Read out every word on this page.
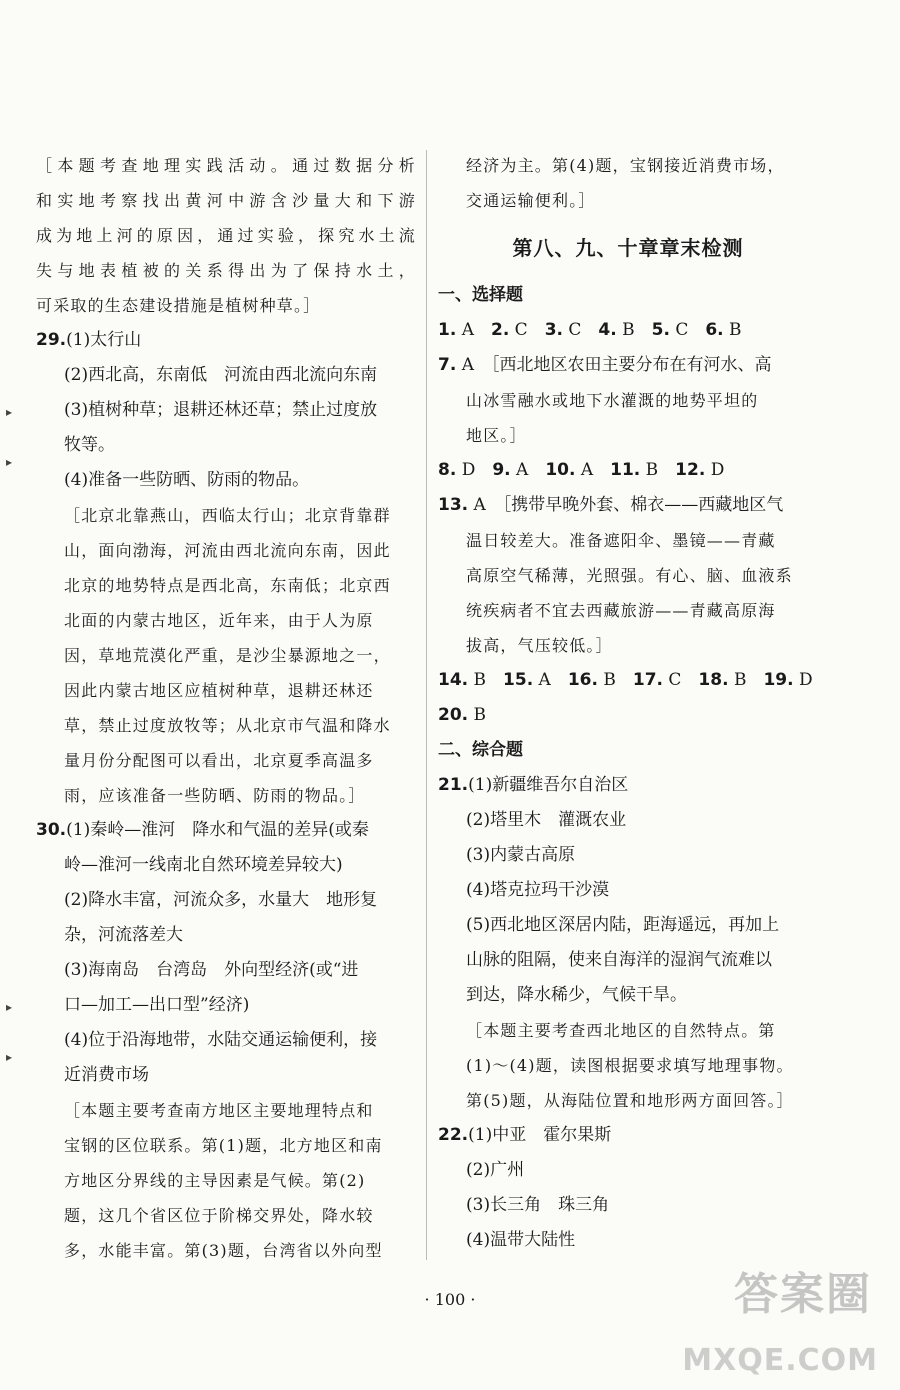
［本题考查地理实践活动。通过数据分析
和实地考察找出黄河中游含沙量大和下游
成为地上河的原因，通过实验，探究水土流
失与地表植被的关系得出为了保持水土，
可采取的生态建设措施是植树种草。］
29.(1)太行山
(2)西北高，东南低　河流由西北流向东南
(3)植树种草；退耕还林还草；禁止过度放
牧等。
(4)准备一些防晒、防雨的物品。
［北京北靠燕山，西临太行山；北京背靠群
山，面向渤海，河流由西北流向东南，因此
北京的地势特点是西北高，东南低；北京西
北面的内蒙古地区，近年来，由于人为原
因，草地荒漠化严重，是沙尘暴源地之一，
因此内蒙古地区应植树种草，退耕还林还
草，禁止过度放牧等；从北京市气温和降水
量月份分配图可以看出，北京夏季高温多
雨，应该准备一些防晒、防雨的物品。］
30.(1)秦岭—淮河　降水和气温的差异(或秦
岭—淮河一线南北自然环境差异较大)
(2)降水丰富，河流众多，水量大　地形复
杂，河流落差大
(3)海南岛　台湾岛　外向型经济(或“进
口—加工—出口型”经济)
(4)位于沿海地带，水陆交通运输便利，接
近消费市场
［本题主要考查南方地区主要地理特点和
宝钢的区位联系。第(1)题，北方地区和南
方地区分界线的主导因素是气候。第(2)
题，这几个省区位于阶梯交界处，降水较
多，水能丰富。第(3)题，台湾省以外向型
经济为主。第(4)题，宝钢接近消费市场，
交通运输便利。］
第八、九、十章章末检测
一、选择题
1. A　2. C　3. C　4. B　5. C　6. B
7. A　［西北地区农田主要分布在有河水、高
山冰雪融水或地下水灌溉的地势平坦的
地区。］
8. D　9. A　10. A　11. B　12. D
13. A　［携带早晚外套、棉衣——西藏地区气
温日较差大。准备遮阳伞、墨镜——青藏
高原空气稀薄，光照强。有心、脑、血液系
统疾病者不宜去西藏旅游——青藏高原海
拔高，气压较低。］
14. B　15. A　16. B　17. C　18. B　19. D
20. B
二、综合题
21.(1)新疆维吾尔自治区
(2)塔里木　灌溉农业
(3)内蒙古高原
(4)塔克拉玛干沙漠
(5)西北地区深居内陆，距海遥远，再加上
山脉的阻隔，使来自海洋的湿润气流难以
到达，降水稀少，气候干旱。
［本题主要考查西北地区的自然特点。第
(1)～(4)题，读图根据要求填写地理事物。
第(5)题，从海陆位置和地形两方面回答。］
22.(1)中亚　霍尔果斯
(2)广州
(3)长三角　珠三角
(4)温带大陆性
▸
▸
▸
▸
· 100 ·	答案圈
MXQE.COM
